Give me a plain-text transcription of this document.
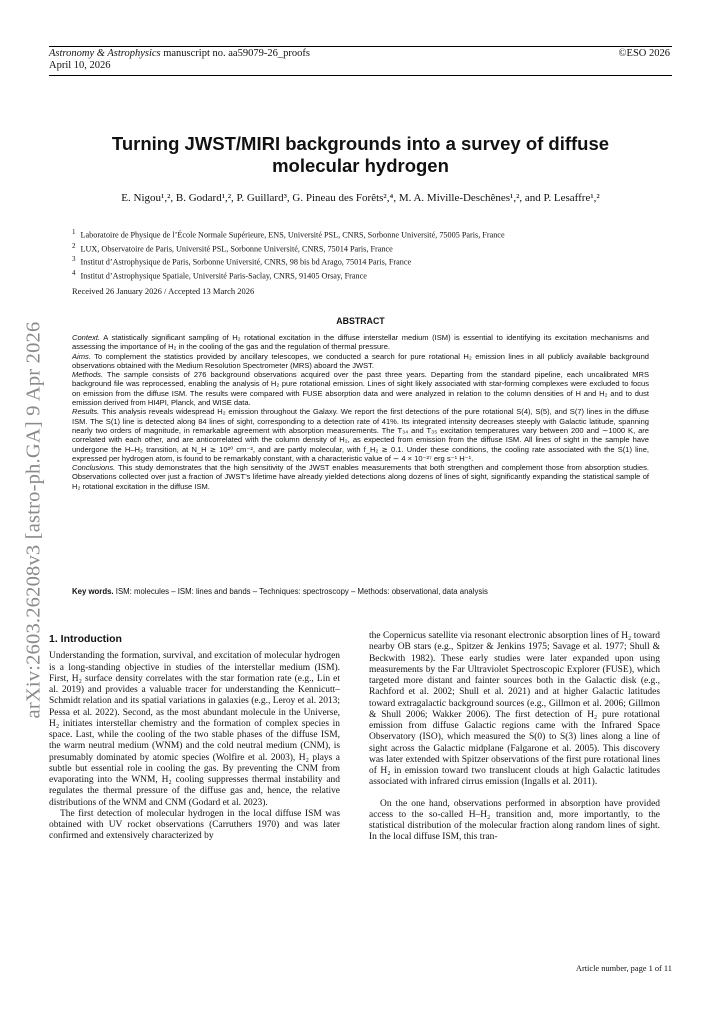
Astronomy & Astrophysics manuscript no. aa59079-26_proofs
April 10, 2026
©ESO 2026
arXiv:2603.26208v3 [astro-ph.GA] 9 Apr 2026
Turning JWST/MIRI backgrounds into a survey of diffuse molecular hydrogen
E. Nigou¹,², B. Godard¹,², P. Guillard³, G. Pineau des Forêts²,⁴, M. A. Miville-Deschênes¹,², and P. Lesaffre¹,²
$^1$ Laboratoire de Physique de l’École Normale Supérieure, ENS, Université PSL, CNRS, Sorbonne Université, 75005 Paris, France
$^2$ LUX, Observatoire de Paris, Université PSL, Sorbonne Université, CNRS, 75014 Paris, France
$^3$ Institut d’Astrophysique de Paris, Sorbonne Université, CNRS, 98 bis bd Arago, 75014 Paris, France
$^4$ Institut d’Astrophysique Spatiale, Université Paris-Saclay, CNRS, 91405 Orsay, France
Received 26 January 2026 / Accepted 13 March 2026
ABSTRACT

Context. A statistically significant sampling of H₂ rotational excitation in the diffuse interstellar medium (ISM) is essential to identifying its excitation mechanisms and assessing the importance of H₂ in the cooling of the gas and the regulation of thermal pressure.

Aims. To complement the statistics provided by ancillary telescopes, we conducted a search for pure rotational H₂ emission lines in all publicly available background observations obtained with the Medium Resolution Spectrometer (MRS) aboard the JWST.

Methods. The sample consists of 276 background observations acquired over the past three years. Departing from the standard pipeline, each uncalibrated MRS background file was reprocessed, enabling the analysis of H₂ pure rotational emission. Lines of sight likely associated with star-forming complexes were excluded to focus on emission from the diffuse ISM. The results were compared with FUSE absorption data and were analyzed in relation to the column densities of H and H₂ and to dust emission derived from HI4PI, Planck, and WISE data.

Results. This analysis reveals widespread H₂ emission throughout the Galaxy. We report the first detections of the pure rotational S(4), S(5), and S(7) lines in the diffuse ISM. The S(1) line is detected along 84 lines of sight, corresponding to a detection rate of 41%. Its integrated intensity decreases steeply with Galactic latitude, spanning nearly two orders of magnitude, in remarkable agreement with absorption measurements. The T₃₄ and T₃₅ excitation temperatures vary between 200 and ∼1000 K, are correlated with each other, and are anticorrelated with the column density of H₂, as expected from emission from the diffuse ISM. All lines of sight in the sample have undergone the H–H₂ transition, at N_H ≳ 10²⁰ cm⁻², and are partly molecular, with f_H₂ ≳ 0.1. Under these conditions, the cooling rate associated with the S(1) line, expressed per hydrogen atom, is found to be remarkably constant, with a characteristic value of ∼ 4 × 10⁻²⁷ erg s⁻¹ H⁻¹.

Conclusions. This study demonstrates that the high sensitivity of the JWST enables measurements that both strengthen and complement those from absorption studies. Observations collected over just a fraction of JWST’s lifetime have already yielded detections along dozens of lines of sight, significantly expanding the statistical sample of H₂ rotational excitation in the diffuse ISM.

Key words. ISM: molecules – ISM: lines and bands – Techniques: spectroscopy – Methods: observational, data analysis
1. Introduction

Understanding the formation, survival, and excitation of molecular hydrogen is a long-standing objective in studies of the interstellar medium (ISM). First, H₂ surface density correlates with the star formation rate (e.g., Lin et al. 2019) and provides a valuable tracer for understanding the Kennicutt–Schmidt relation and its spatial variations in galaxies (e.g., Leroy et al. 2013; Pessa et al. 2022). Second, as the most abundant molecule in the Universe, H₂ initiates interstellar chemistry and the formation of complex species in space. Last, while the cooling of the two stable phases of the diffuse ISM, the warm neutral medium (WNM) and the cold neutral medium (CNM), is presumably dominated by atomic species (Wolfire et al. 2003), H₂ plays a subtle but essential role in cooling the gas. By preventing the CNM from evaporating into the WNM, H₂ cooling suppresses thermal instability and regulates the thermal pressure of the diffuse gas and, hence, the relative distributions of the WNM and CNM (Godard et al. 2023).

The first detection of molecular hydrogen in the local diffuse ISM was obtained with UV rocket observations (Carruthers 1970) and was later confirmed and extensively characterized by

the Copernicus satellite via resonant electronic absorption lines of H₂ toward nearby OB stars (e.g., Spitzer & Jenkins 1975; Savage et al. 1977; Shull & Beckwith 1982). These early studies were later expanded upon using measurements by the Far Ultraviolet Spectroscopic Explorer (FUSE), which targeted more distant and fainter sources both in the Galactic disk (e.g., Rachford et al. 2002; Shull et al. 2021) and at higher Galactic latitudes toward extragalactic background sources (e.g., Gillmon et al. 2006; Gillmon & Shull 2006; Wakker 2006). The first detection of H₂ pure rotational emission from diffuse Galactic regions came with the Infrared Space Observatory (ISO), which measured the S(0) to S(3) lines along a line of sight across the Galactic midplane (Falgarone et al. 2005). This discovery was later extended with Spitzer observations of the first pure rotational lines of H₂ in emission toward two translucent clouds at high Galactic latitudes associated with infrared cirrus emission (Ingalls et al. 2011).

On the one hand, observations performed in absorption have provided access to the so-called H–H₂ transition and, more importantly, to the statistical distribution of the molecular fraction along random lines of sight. In the local diffuse ISM, this tran-

Article number, page 1 of 11
